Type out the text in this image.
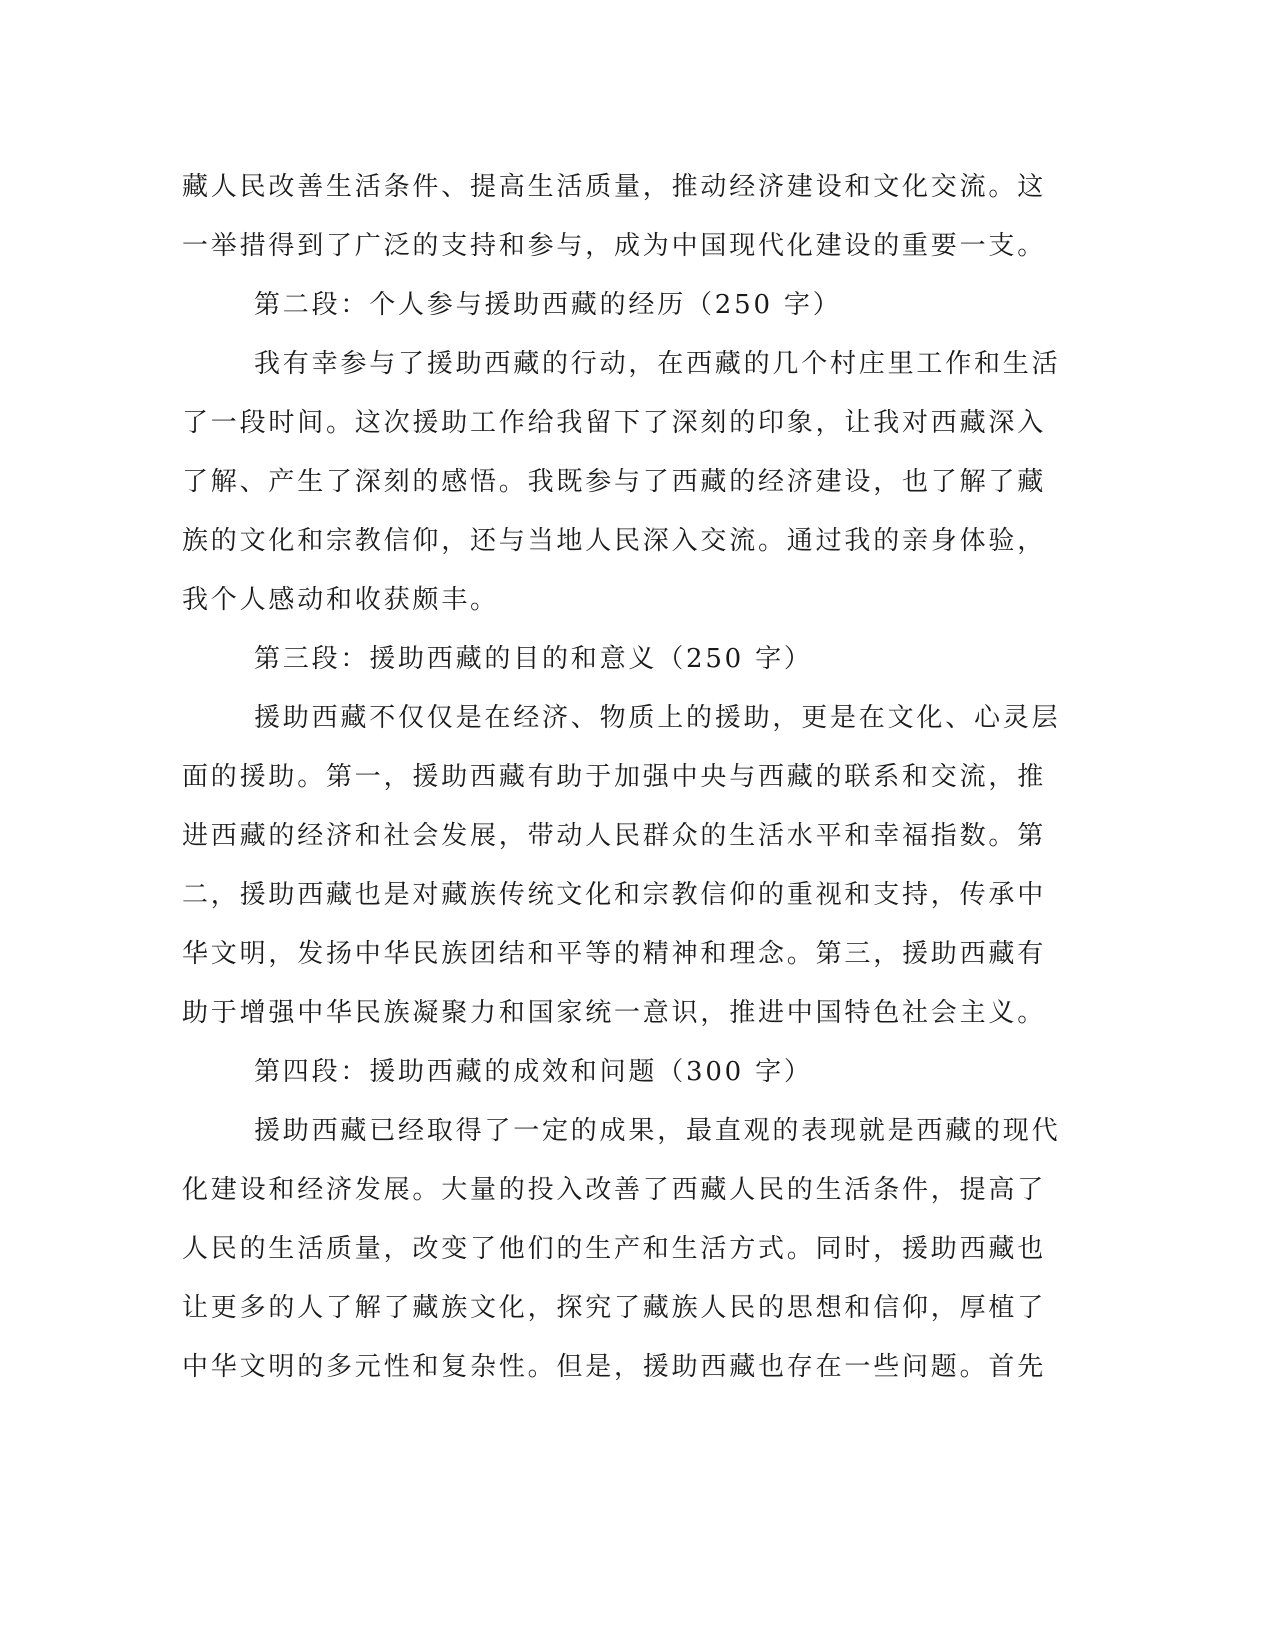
藏人民改善生活条件、提高生活质量，推动经济建设和文化交流。这
一举措得到了广泛的支持和参与，成为中国现代化建设的重要一支。
第二段：个人参与援助西藏的经历（250 字）
我有幸参与了援助西藏的行动，在西藏的几个村庄里工作和生活
了一段时间。这次援助工作给我留下了深刻的印象，让我对西藏深入
了解、产生了深刻的感悟。我既参与了西藏的经济建设，也了解了藏
族的文化和宗教信仰，还与当地人民深入交流。通过我的亲身体验，
我个人感动和收获颇丰。
第三段：援助西藏的目的和意义（250 字）
援助西藏不仅仅是在经济、物质上的援助，更是在文化、心灵层
面的援助。第一，援助西藏有助于加强中央与西藏的联系和交流，推
进西藏的经济和社会发展，带动人民群众的生活水平和幸福指数。第
二，援助西藏也是对藏族传统文化和宗教信仰的重视和支持，传承中
华文明，发扬中华民族团结和平等的精神和理念。第三，援助西藏有
助于增强中华民族凝聚力和国家统一意识，推进中国特色社会主义。
第四段：援助西藏的成效和问题（300 字）
援助西藏已经取得了一定的成果，最直观的表现就是西藏的现代
化建设和经济发展。大量的投入改善了西藏人民的生活条件，提高了
人民的生活质量，改变了他们的生产和生活方式。同时，援助西藏也
让更多的人了解了藏族文化，探究了藏族人民的思想和信仰，厚植了
中华文明的多元性和复杂性。但是，援助西藏也存在一些问题。首先
